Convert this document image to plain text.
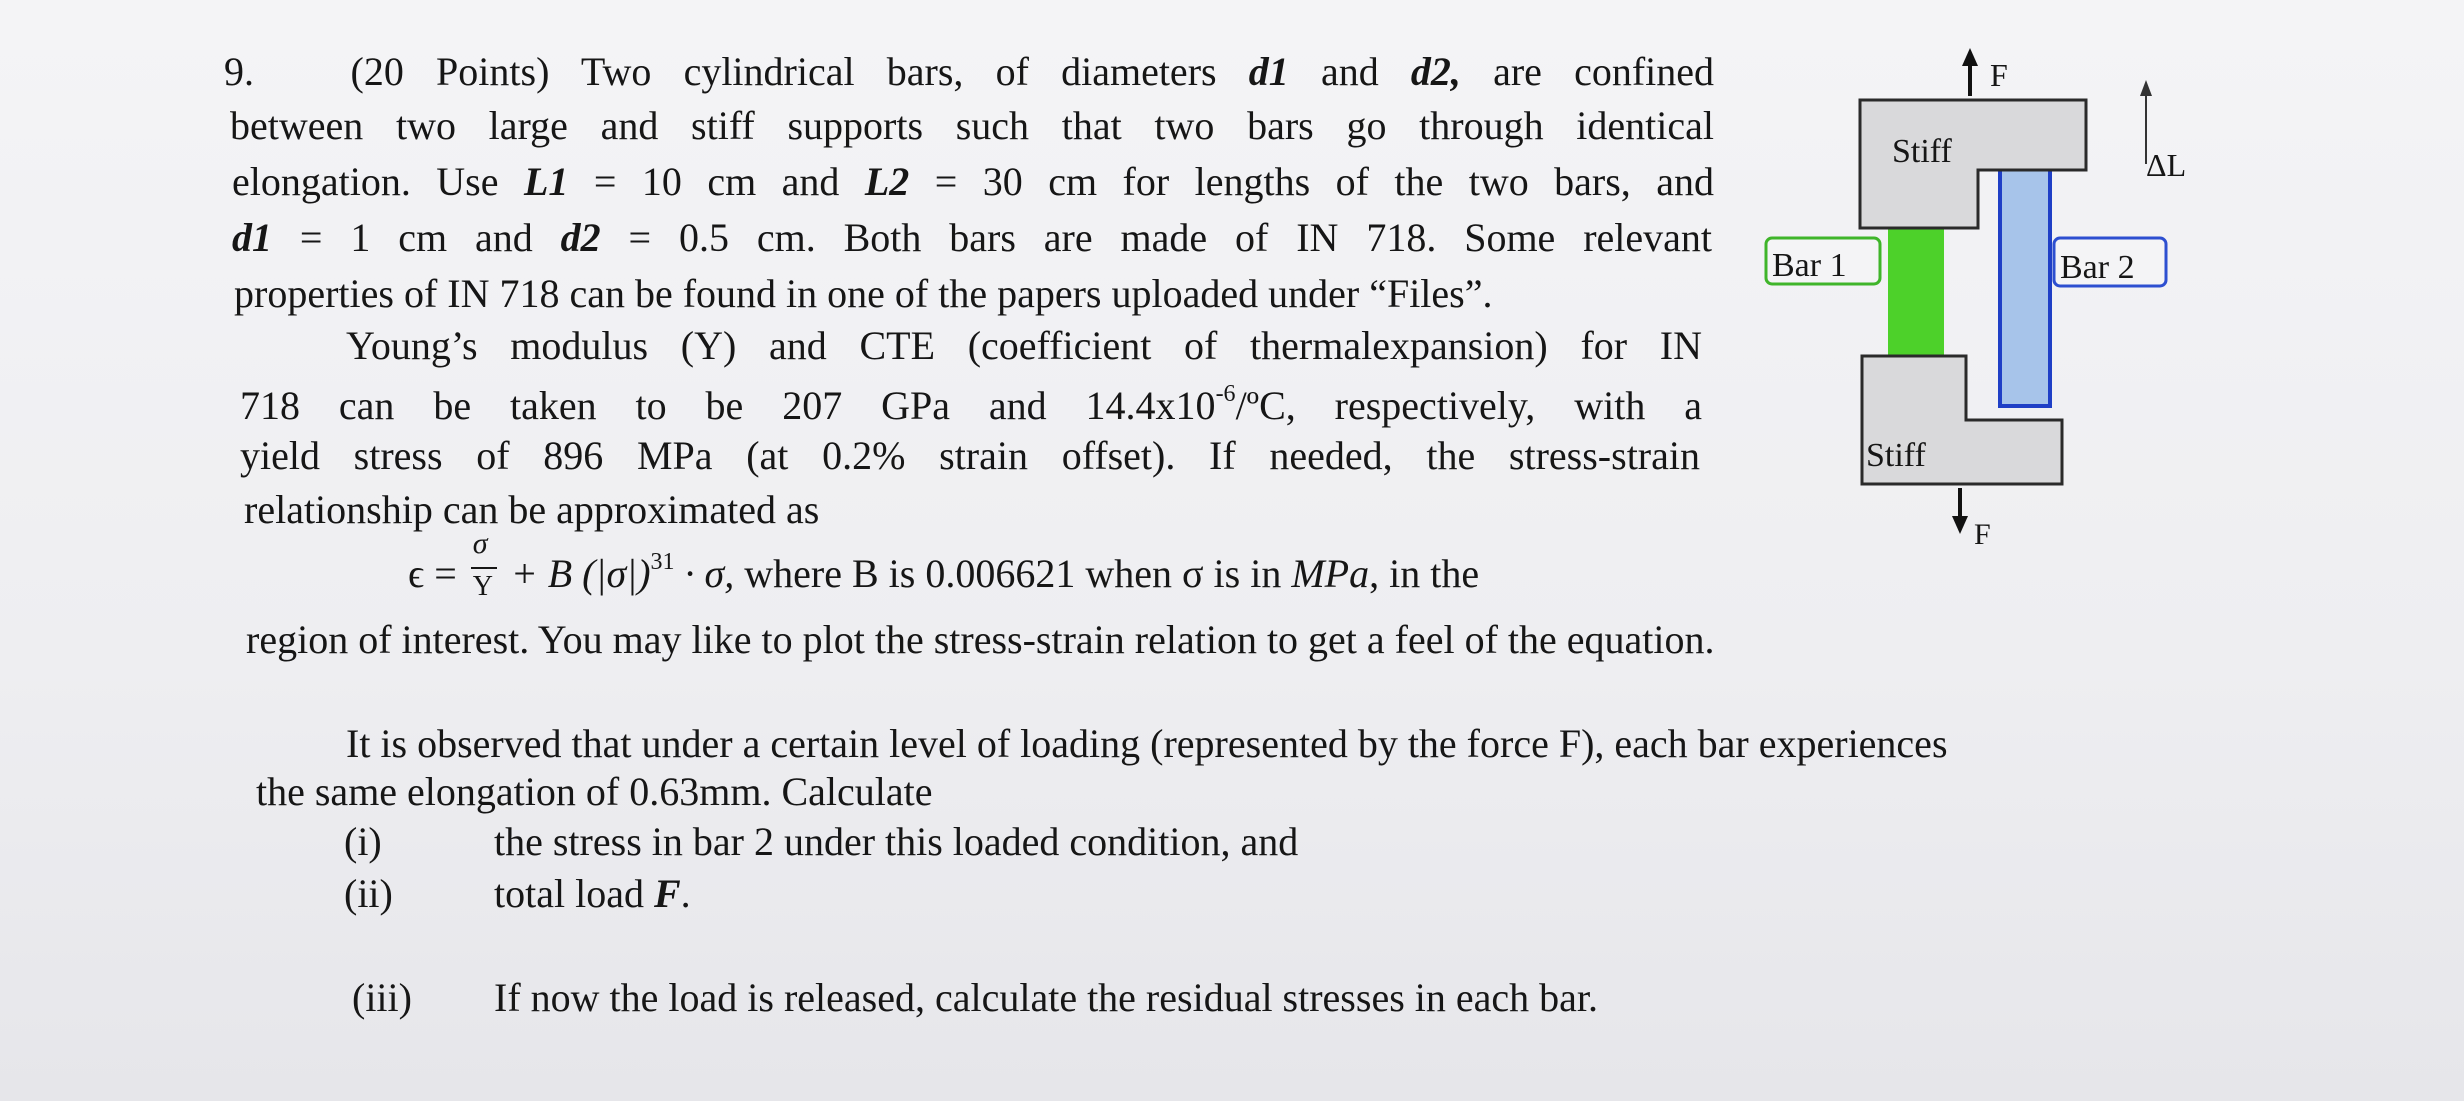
9. (20 Points) Two cylindrical bars, of diameters d1 and d2, are confined
between two large and stiff supports such that two bars go through identical
elongation. Use L1 = 10 cm and L2 = 30 cm for lengths of the two bars, and
d1 = 1 cm and d2 = 0.5 cm. Both bars are made of IN 718. Some relevant
properties of IN 718 can be found in one of the papers uploaded under “Files”.
Young’s modulus (Y) and CTE (coefficient of thermalexpansion) for IN
718 can be taken to be 207 GPa and $14.4x10^{-6}/ºC$, respectively, with a
yield stress of 896 MPa (at 0.2% strain offset). If needed, the stress-strain
relationship can be approximated as
$\epsilon = \frac{\sigma}{Y} + B$ $(|\sigma|)^{31} \cdot \sigma$, where B is 0.006621 when σ is in MPa, in the
region of interest. You may like to plot the stress-strain relation to get a feel of the equation.
It is observed that under a certain level of loading (represented by the force F), each bar experiences
the same elongation of 0.63mm. Calculate
(i)	the stress in bar 2 under this loaded condition, and
(ii)	total load F.
(iii) If now the load is released, calculate the residual stresses in each bar.
Stiff
Stiff
Bar 1	Bar 2
F
F
ΔL
